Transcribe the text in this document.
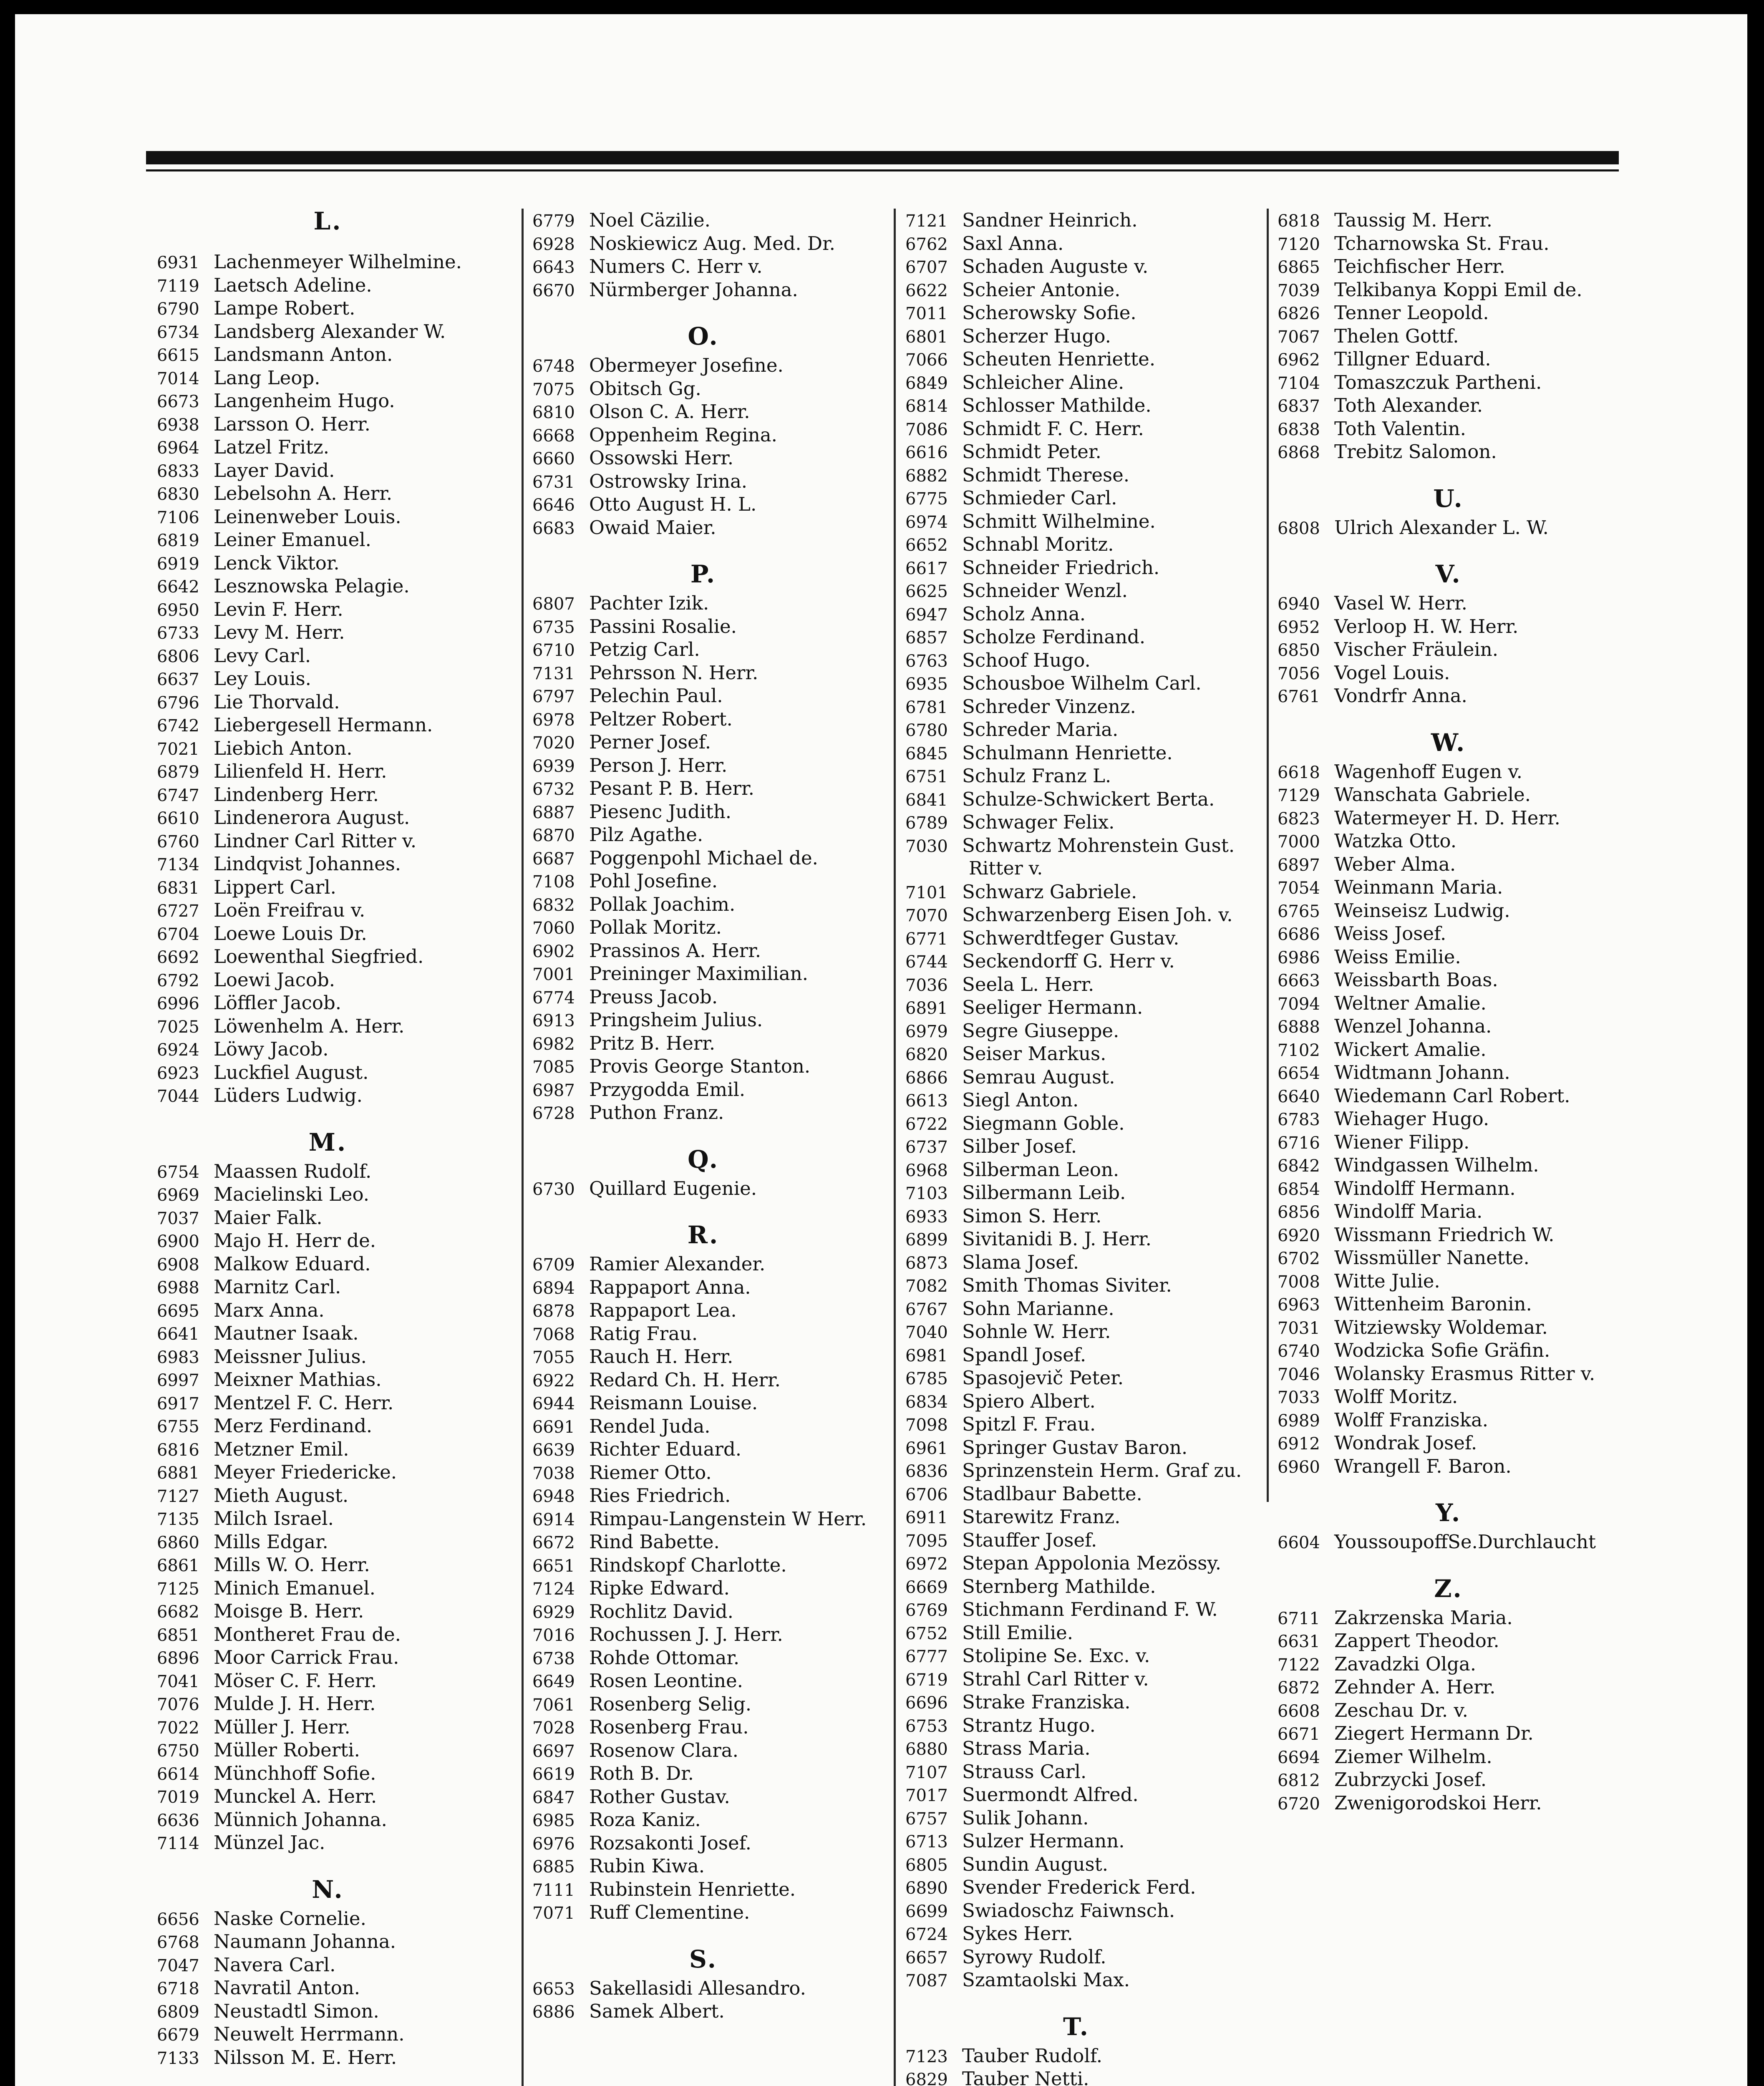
L.
6931 Lachenmeyer Wilhelmine.
7119 Laetsch Adeline.
6790 Lampe Robert.
6734 Landsberg Alexander W.
6615 Landsmann Anton.
7014 Lang Leop.
6673 Langenheim Hugo.
6938 Larsson O. Herr.
6964 Latzel Fritz.
6833 Layer David.
6830 Lebelsohn A. Herr.
7106 Leinenweber Louis.
6819 Leiner Emanuel.
6919 Lenck Viktor.
6642 Lesznowska Pelagie.
6950 Levin F. Herr.
6733 Levy M. Herr.
6806 Levy Carl.
6637 Ley Louis.
6796 Lie Thorvald.
6742 Liebergesell Hermann.
7021 Liebich Anton.
6879 Lilienfeld H. Herr.
6747 Lindenberg Herr.
6610 Lindenerora August.
6760 Lindner Carl Ritter v.
7134 Lindqvist Johannes.
6831 Lippert Carl.
6727 Loën Freifrau v.
6704 Loewe Louis Dr.
6692 Loewenthal Siegfried.
6792 Loewi Jacob.
6996 Löffler Jacob.
7025 Löwenhelm A. Herr.
6924 Löwy Jacob.
6923 Luckfiel August.
7044 Lüders Ludwig.
M.
6754 Maassen Rudolf.
6969 Macielinski Leo.
7037 Maier Falk.
6900 Majo H. Herr de.
6908 Malkow Eduard.
6988 Marnitz Carl.
6695 Marx Anna.
6641 Mautner Isaak.
6983 Meissner Julius.
6997 Meixner Mathias.
6917 Mentzel F. C. Herr.
6755 Merz Ferdinand.
6816 Metzner Emil.
6881 Meyer Friedericke.
7127 Mieth August.
7135 Milch Israel.
6860 Mills Edgar.
6861 Mills W. O. Herr.
7125 Minich Emanuel.
6682 Moisge B. Herr.
6851 Montheret Frau de.
6896 Moor Carrick Frau.
7041 Möser C. F. Herr.
7076 Mulde J. H. Herr.
7022 Müller J. Herr.
6750 Müller Roberti.
6614 Münchhoff Sofie.
7019 Munckel A. Herr.
6636 Münnich Johanna.
7114 Münzel Jac.
N.
6656 Naske Cornelie.
6768 Naumann Johanna.
7047 Navera Carl.
6718 Navratil Anton.
6809 Neustadtl Simon.
6679 Neuwelt Herrmann.
7133 Nilsson M. E. Herr.
6779 Noel Cäzilie.
6928 Noskiewicz Aug. Med. Dr.
6643 Numers C. Herr v.
6670 Nürmberger Johanna.
O.
6748 Obermeyer Josefine.
7075 Obitsch Gg.
6810 Olson C. A. Herr.
6668 Oppenheim Regina.
6660 Ossowski Herr.
6731 Ostrowsky Irina.
6646 Otto August H. L.
6683 Owaid Maier.
P.
6807 Pachter Izik.
6735 Passini Rosalie.
6710 Petzig Carl.
7131 Pehrsson N. Herr.
6797 Pelechin Paul.
6978 Peltzer Robert.
7020 Perner Josef.
6939 Person J. Herr.
6732 Pesant P. B. Herr.
6887 Piesenc Judith.
6870 Pilz Agathe.
6687 Poggenpohl Michael de.
7108 Pohl Josefine.
6832 Pollak Joachim.
7060 Pollak Moritz.
6902 Prassinos A. Herr.
7001 Preininger Maximilian.
6774 Preuss Jacob.
6913 Pringsheim Julius.
6982 Pritz B. Herr.
7085 Provis George Stanton.
6987 Przygodda Emil.
6728 Puthon Franz.
Q.
6730 Quillard Eugenie.
R.
6709 Ramier Alexander.
6894 Rappaport Anna.
6878 Rappaport Lea.
7068 Ratig Frau.
7055 Rauch H. Herr.
6922 Redard Ch. H. Herr.
6944 Reismann Louise.
6691 Rendel Juda.
6639 Richter Eduard.
7038 Riemer Otto.
6948 Ries Friedrich.
6914 Rimpau-Langenstein W Herr.
6672 Rind Babette.
6651 Rindskopf Charlotte.
7124 Ripke Edward.
6929 Rochlitz David.
7016 Rochussen J. J. Herr.
6738 Rohde Ottomar.
6649 Rosen Leontine.
7061 Rosenberg Selig.
7028 Rosenberg Frau.
6697 Rosenow Clara.
6619 Roth B. Dr.
6847 Rother Gustav.
6985 Roza Kaniz.
6976 Rozsakonti Josef.
6885 Rubin Kiwa.
7111 Rubinstein Henriette.
7071 Ruff Clementine.
S.
6653 Sakellasidi Allesandro.
6886 Samek Albert.
7121 Sandner Heinrich.
6762 Saxl Anna.
6707 Schaden Auguste v.
6622 Scheier Antonie.
7011 Scherowsky Sofie.
6801 Scherzer Hugo.
7066 Scheuten Henriette.
6849 Schleicher Aline.
6814 Schlosser Mathilde.
7086 Schmidt F. C. Herr.
6616 Schmidt Peter.
6882 Schmidt Therese.
6775 Schmieder Carl.
6974 Schmitt Wilhelmine.
6652 Schnabl Moritz.
6617 Schneider Friedrich.
6625 Schneider Wenzl.
6947 Scholz Anna.
6857 Scholze Ferdinand.
6763 Schoof Hugo.
6935 Schousboe Wilhelm Carl.
6781 Schreder Vinzenz.
6780 Schreder Maria.
6845 Schulmann Henriette.
6751 Schulz Franz L.
6841 Schulze-Schwickert Berta.
6789 Schwager Felix.
7030 Schwartz Mohrenstein Gust.
Ritter v.
7101 Schwarz Gabriele.
7070 Schwarzenberg Eisen Joh. v.
6771 Schwerdtfeger Gustav.
6744 Seckendorff G. Herr v.
7036 Seela L. Herr.
6891 Seeliger Hermann.
6979 Segre Giuseppe.
6820 Seiser Markus.
6866 Semrau August.
6613 Siegl Anton.
6722 Siegmann Goble.
6737 Silber Josef.
6968 Silberman Leon.
7103 Silbermann Leib.
6933 Simon S. Herr.
6899 Sivitanidi B. J. Herr.
6873 Slama Josef.
7082 Smith Thomas Siviter.
6767 Sohn Marianne.
7040 Sohnle W. Herr.
6981 Spandl Josef.
6785 Spasojevič Peter.
6834 Spiero Albert.
7098 Spitzl F. Frau.
6961 Springer Gustav Baron.
6836 Sprinzenstein Herm. Graf zu.
6706 Stadlbaur Babette.
6911 Starewitz Franz.
7095 Stauffer Josef.
6972 Stepan Appolonia Mezössy.
6669 Sternberg Mathilde.
6769 Stichmann Ferdinand F. W.
6752 Still Emilie.
6777 Stolipine Se. Exc. v.
6719 Strahl Carl Ritter v.
6696 Strake Franziska.
6753 Strantz Hugo.
6880 Strass Maria.
7107 Strauss Carl.
7017 Suermondt Alfred.
6757 Sulik Johann.
6713 Sulzer Hermann.
6805 Sundin August.
6890 Svender Frederick Ferd.
6699 Swiadoschz Faiwnsch.
6724 Sykes Herr.
6657 Syrowy Rudolf.
7087 Szamtaolski Max.
T.
7123 Tauber Rudolf.
6829 Tauber Netti.
6818 Taussig M. Herr.
7120 Tcharnowska St. Frau.
6865 Teichfischer Herr.
7039 Telkibanya Koppi Emil de.
6826 Tenner Leopold.
7067 Thelen Gottf.
6962 Tillgner Eduard.
7104 Tomaszczuk Partheni.
6837 Toth Alexander.
6838 Toth Valentin.
6868 Trebitz Salomon.
U.
6808 Ulrich Alexander L. W.
V.
6940 Vasel W. Herr.
6952 Verloop H. W. Herr.
6850 Vischer Fräulein.
7056 Vogel Louis.
6761 Vondrfr Anna.
W.
6618 Wagenhoff Eugen v.
7129 Wanschata Gabriele.
6823 Watermeyer H. D. Herr.
7000 Watzka Otto.
6897 Weber Alma.
7054 Weinmann Maria.
6765 Weinseisz Ludwig.
6686 Weiss Josef.
6986 Weiss Emilie.
6663 Weissbarth Boas.
7094 Weltner Amalie.
6888 Wenzel Johanna.
7102 Wickert Amalie.
6654 Widtmann Johann.
6640 Wiedemann Carl Robert.
6783 Wiehager Hugo.
6716 Wiener Filipp.
6842 Windgassen Wilhelm.
6854 Windolff Hermann.
6856 Windolff Maria.
6920 Wissmann Friedrich W.
6702 Wissmüller Nanette.
7008 Witte Julie.
6963 Wittenheim Baronin.
7031 Witziewsky Woldemar.
6740 Wodzicka Sofie Gräfin.
7046 Wolansky Erasmus Ritter v.
7033 Wolff Moritz.
6989 Wolff Franziska.
6912 Wondrak Josef.
6960 Wrangell F. Baron.
Y.
6604 YoussoupoffSe.Durchlaucht
Z.
6711 Zakrzenska Maria.
6631 Zappert Theodor.
7122 Zavadzki Olga.
6872 Zehnder A. Herr.
6608 Zeschau Dr. v.
6671 Ziegert Hermann Dr.
6694 Ziemer Wilhelm.
6812 Zubrzycki Josef.
6720 Zwenigorodskoi Herr.
